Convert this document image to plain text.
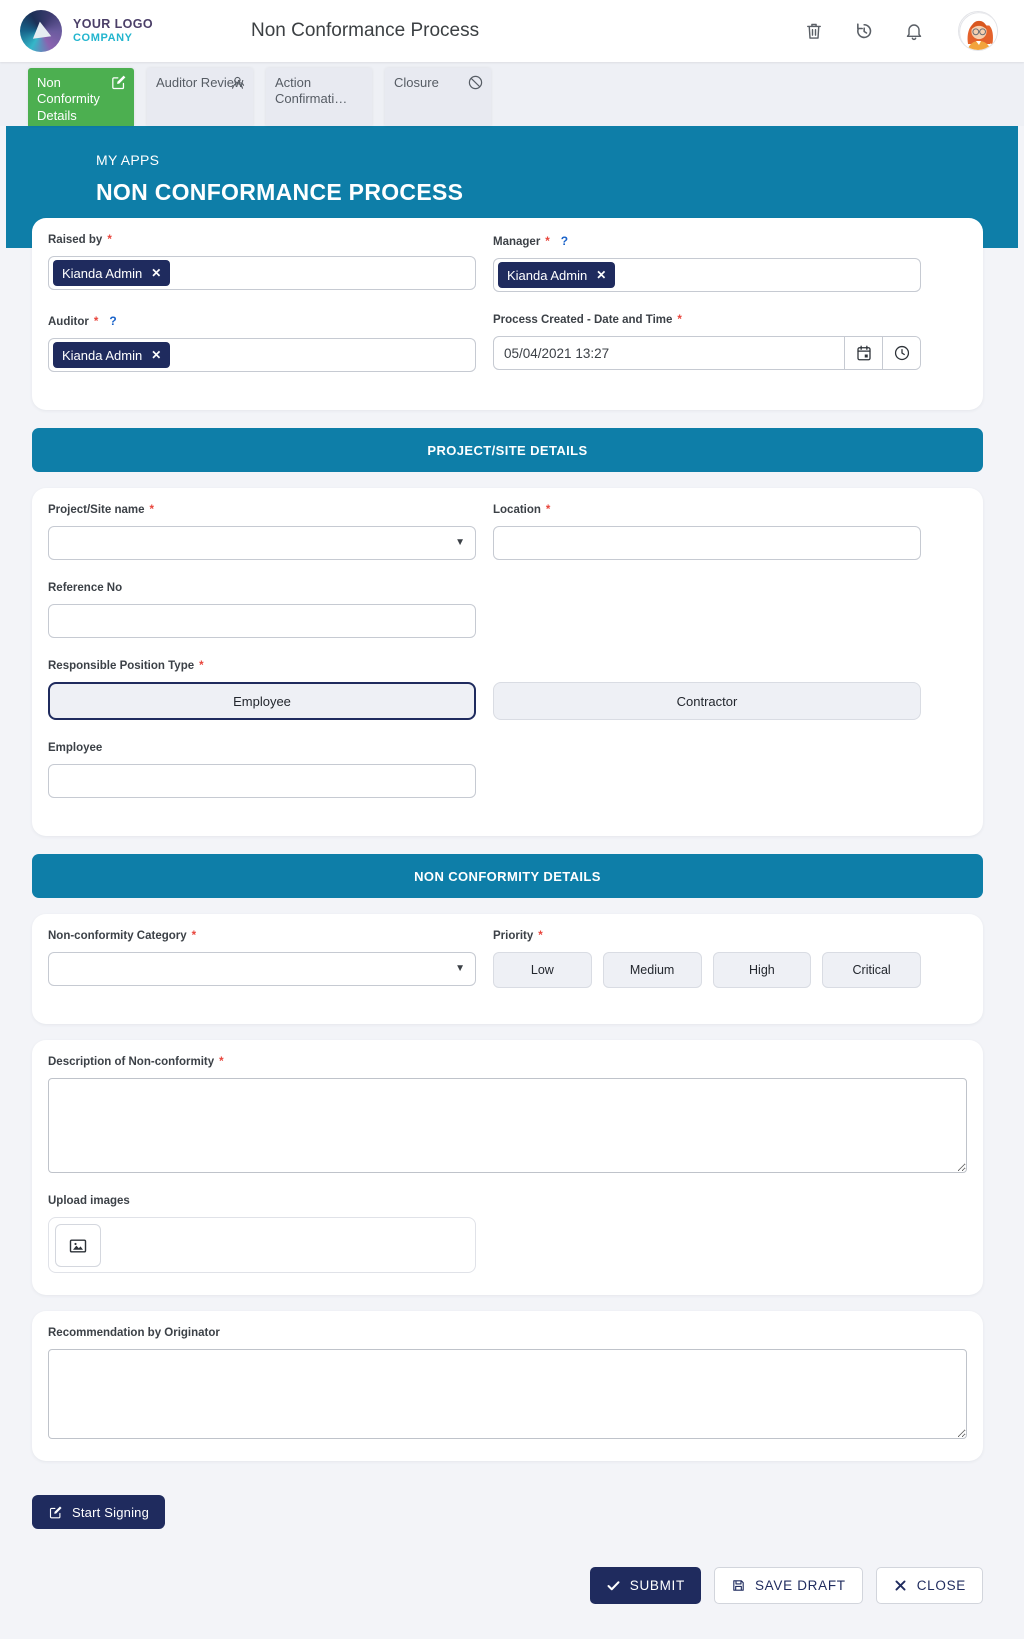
YOUR LOGO
COMPANY	Non Conformance Process
Non Conformity Details
Auditor Review	Action Confirmati…
Closure
MY APPS
NON CONFORMANCE PROCESS
Raised by *
Kianda Admin ✕
Manager * ?
Kianda Admin ✕
Auditor * ?
Kianda Admin ✕
Process Created - Date and Time *
05/04/2021 13:27
PROJECT/SITE DETAILS
Project/Site name *
▼
Location *
Reference No
Responsible Position Type *
Employee	Contractor
Employee
NON CONFORMITY DETAILS
Non-conformity Category *
▼
Priority *
Low	Medium	High	Critical
Description of Non-conformity *
Upload images
Recommendation by Originator
Start Signing
SUBMIT	SAVE DRAFT	CLOSE
